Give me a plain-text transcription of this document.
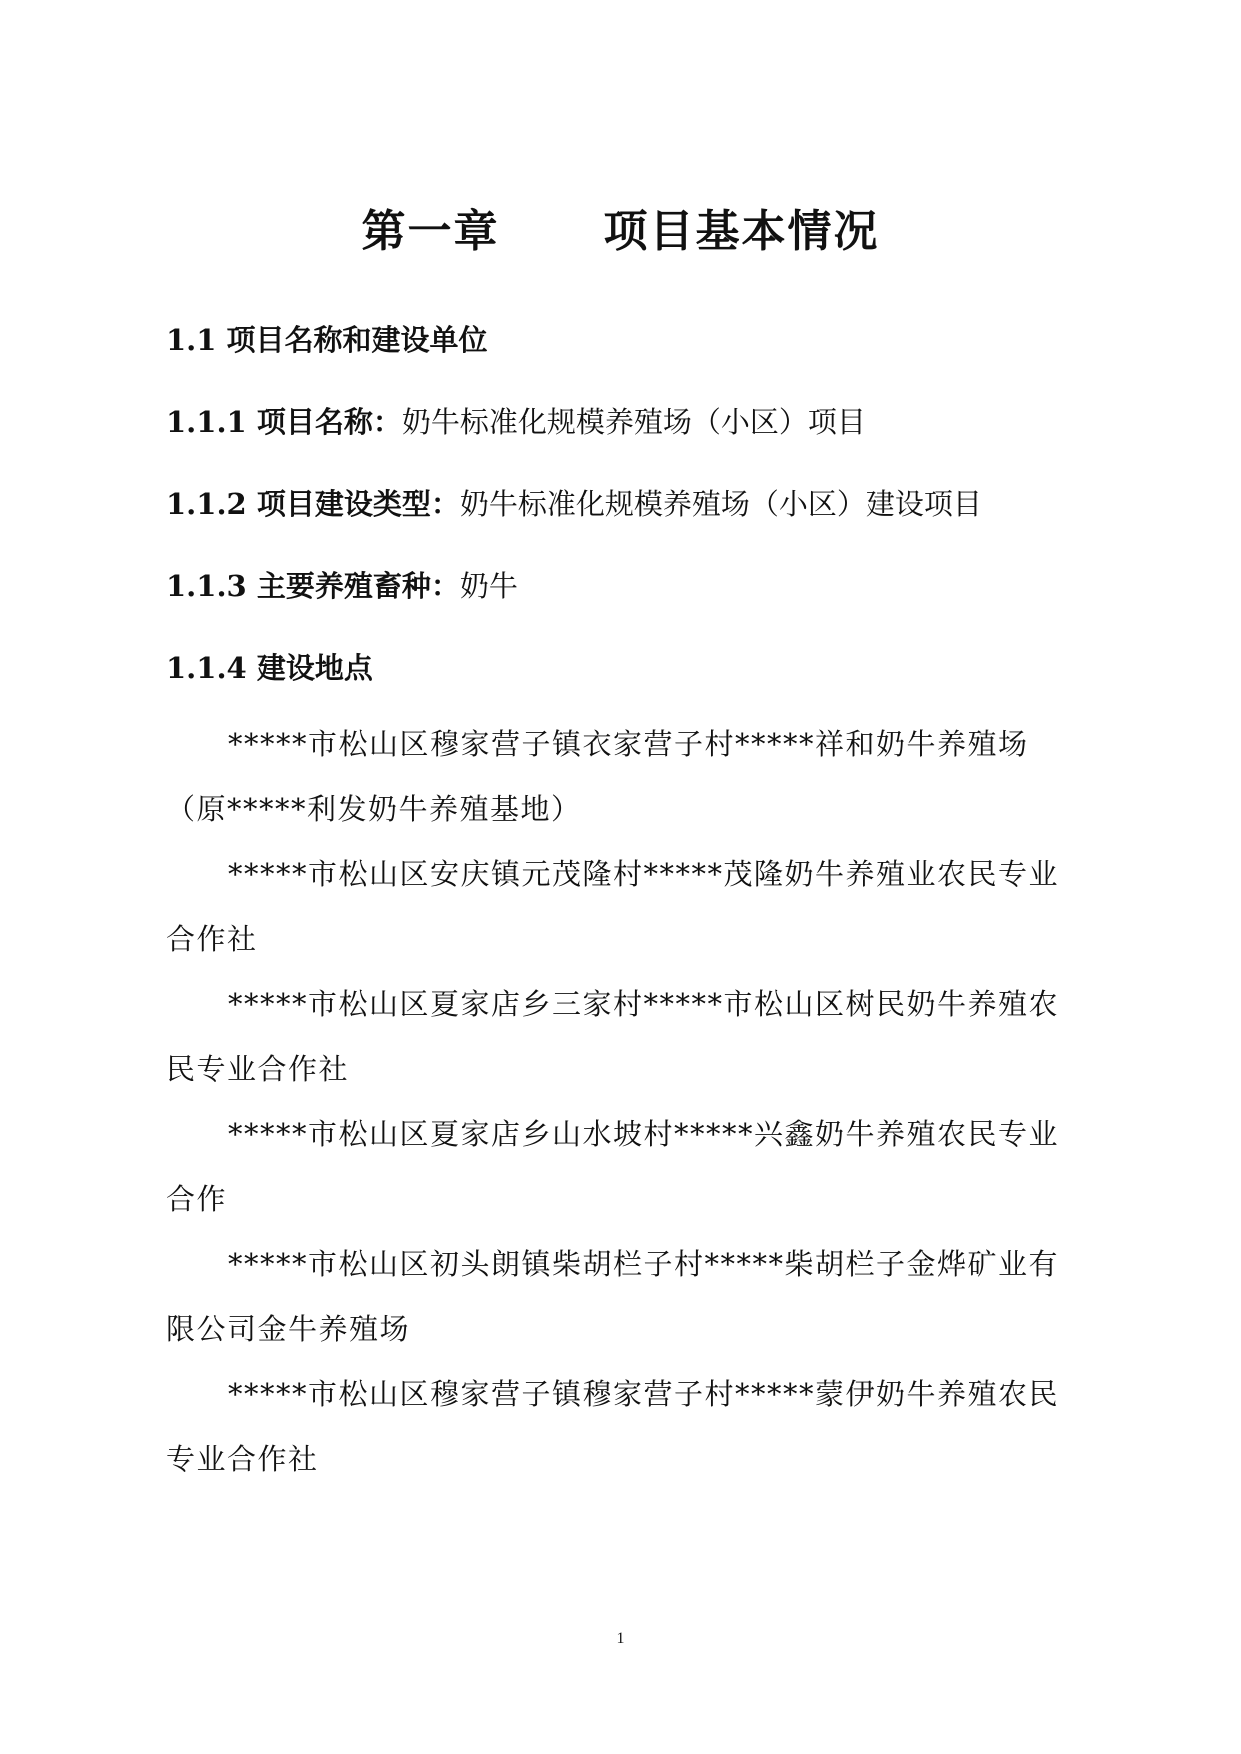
第一章      项目基本情况
1.1 项目名称和建设单位
1.1.1 项目名称：奶牛标准化规模养殖场（小区）项目
1.1.2 项目建设类型：奶牛标准化规模养殖场（小区）建设项目
1.1.3 主要养殖畜种：奶牛
1.1.4 建设地点
*****市松山区穆家营子镇衣家营子村*****祥和奶牛养殖场（原*****利发奶牛养殖基地）
*****市松山区安庆镇元茂隆村*****茂隆奶牛养殖业农民专业合作社
*****市松山区夏家店乡三家村*****市松山区树民奶牛养殖农民专业合作社
*****市松山区夏家店乡山水坡村*****兴鑫奶牛养殖农民专业合作
*****市松山区初头朗镇柴胡栏子村*****柴胡栏子金烨矿业有限公司金牛养殖场
*****市松山区穆家营子镇穆家营子村*****蒙伊奶牛养殖农民专业合作社
1
